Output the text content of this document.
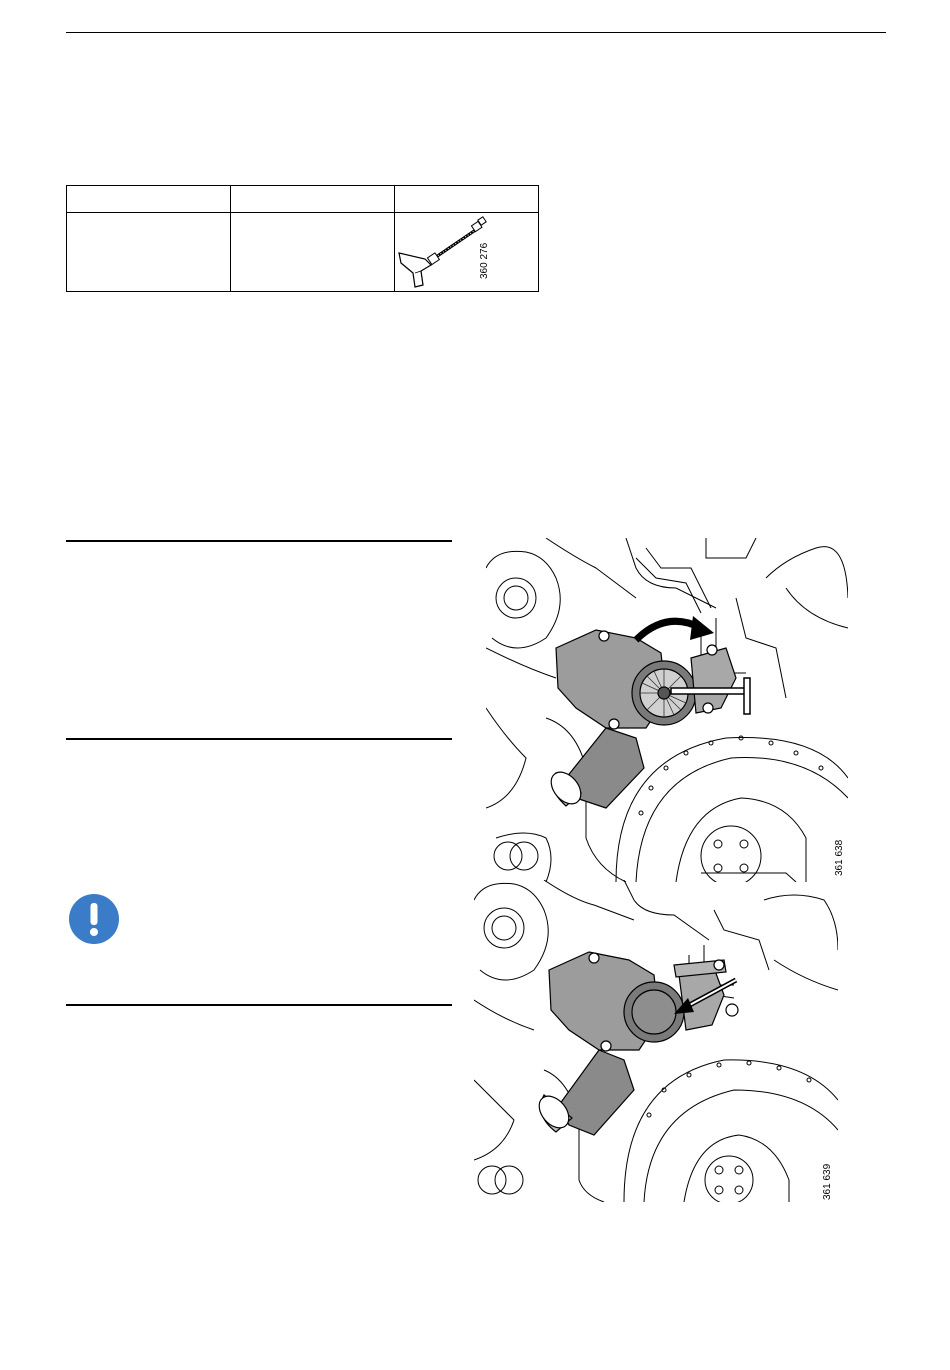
		360 276
361 638
361 639
